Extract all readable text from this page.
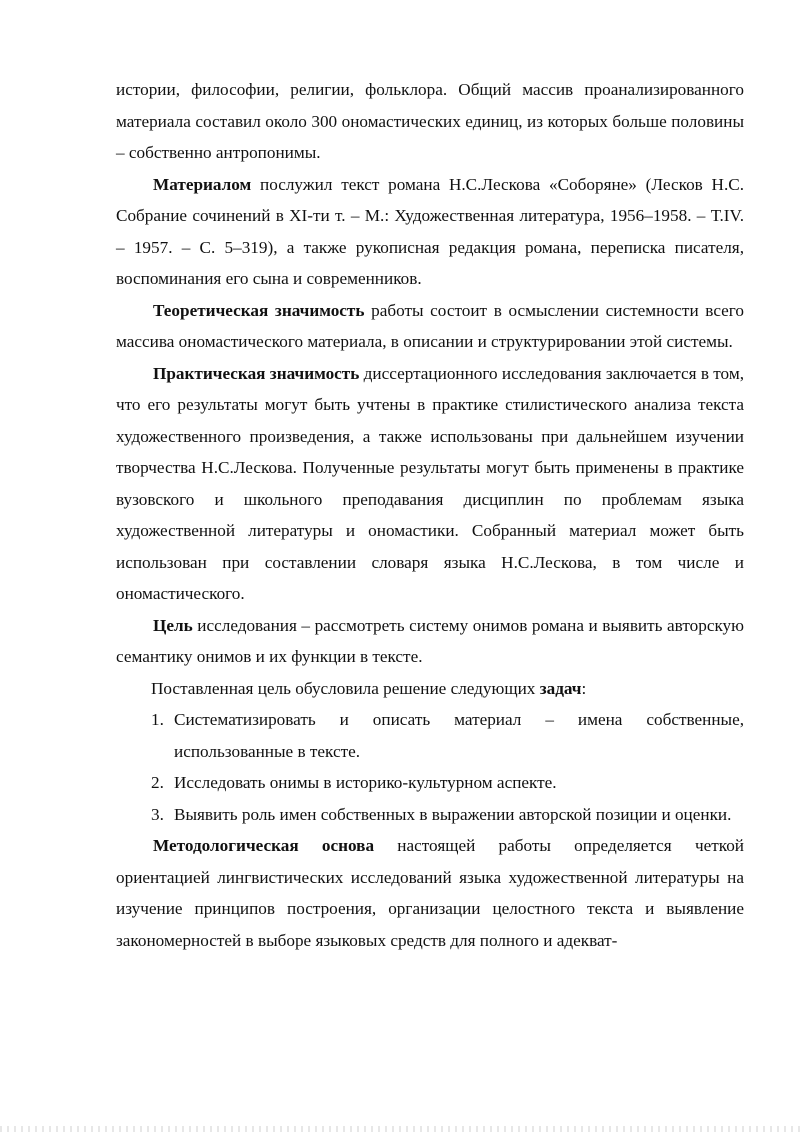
истории, философии, религии, фольклора. Общий массив проанализированного материала составил около 300 ономастических единиц, из которых больше половины – собственно антропонимы.

Материалом послужил текст романа Н.С.Лескова «Соборяне» (Лесков Н.С. Собрание сочинений в XI-ти т. – М.: Художественная литература, 1956–1958. – Т.IV. – 1957. – С. 5–319), а также рукописная редакция романа, переписка писателя, воспоминания его сына и современников.

Теоретическая значимость работы состоит в осмыслении системности всего массива ономастического материала, в описании и структурировании этой системы.

Практическая значимость диссертационного исследования заключается в том, что его результаты могут быть учтены в практике стилистического анализа текста художественного произведения, а также использованы при дальнейшем изучении творчества Н.С.Лескова. Полученные результаты могут быть применены в практике вузовского и школьного преподавания дисциплин по проблемам языка художественной литературы и ономастики. Собранный материал может быть использован при составлении словаря языка Н.С.Лескова, в том числе и ономастического.

Цель исследования – рассмотреть систему онимов романа и выявить авторскую семантику онимов и их функции в тексте.

Поставленная цель обусловила решение следующих задач:

1. Систематизировать и описать материал – имена собственные, использованные в тексте.
2. Исследовать онимы в историко-культурном аспекте.
3. Выявить роль имен собственных в выражении авторской позиции и оценки.

Методологическая основа настоящей работы определяется четкой ориентацией лингвистических исследований языка художественной литературы на изучение принципов построения, организации целостного текста и выявление закономерностей в выборе языковых средств для полного и адекват-
